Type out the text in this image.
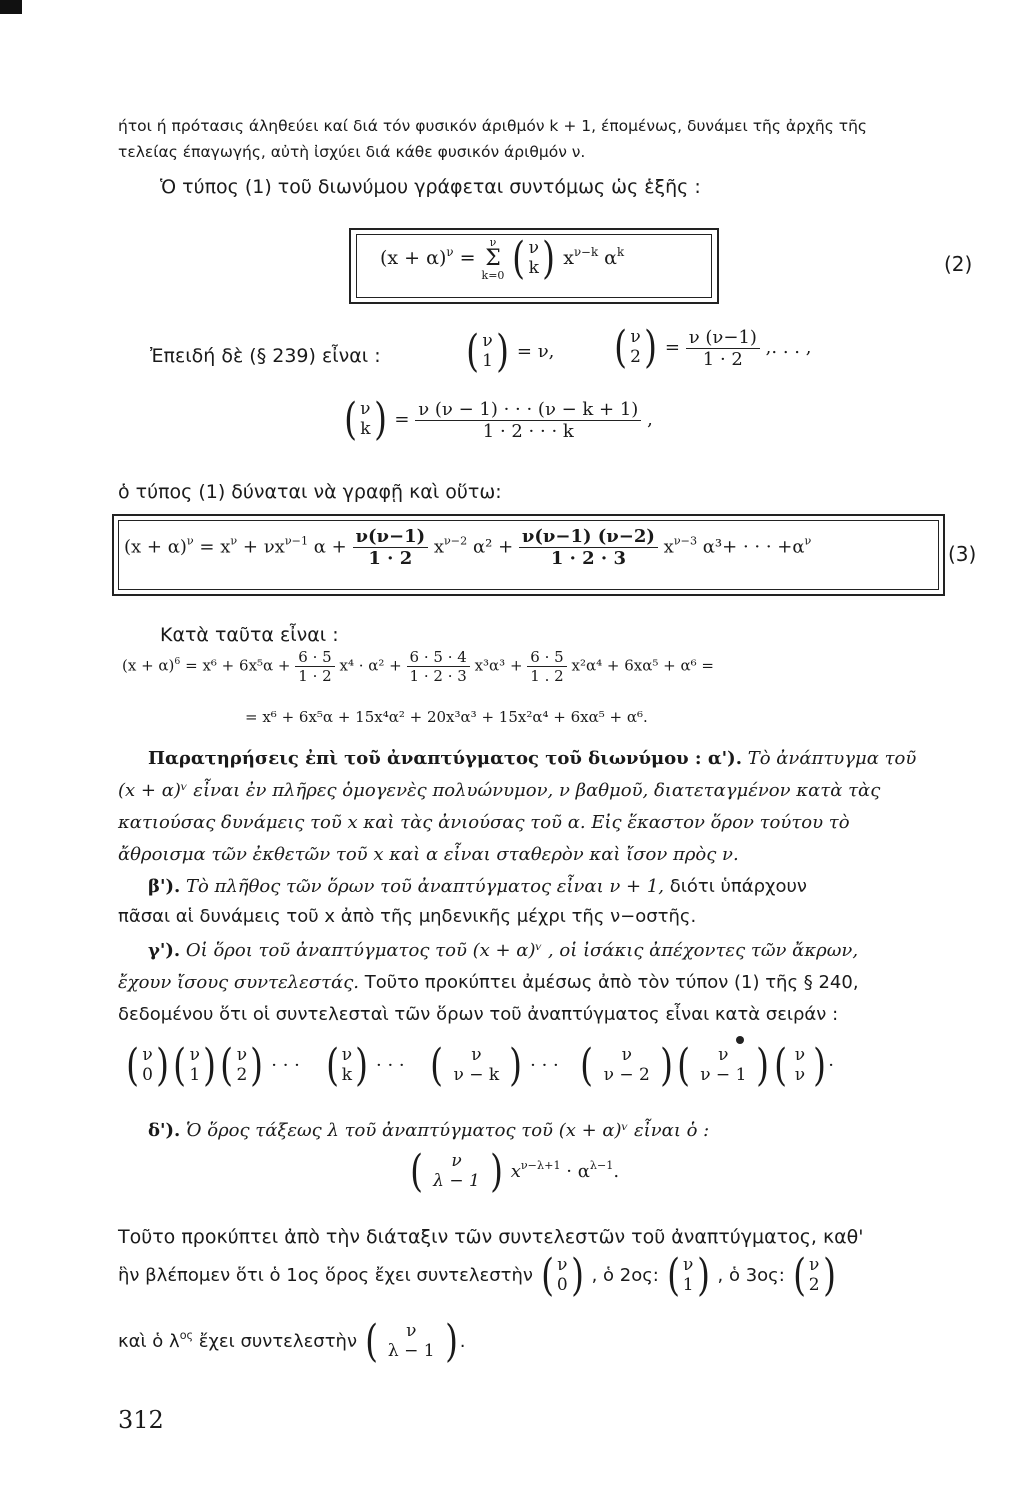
ήτοι ή πρότασις άληθεύει καί διά τόν φυσικόν άριθμόν k + 1, έπομένως, δυνάμει τῆς ἀρχῆς τῆς
τελείας έπαγωγής, αὐτὴ ἰσχύει διά κάθε φυσικόν άριθμόν ν.
Ὁ τύπος (1) τοῦ διωνύμου γράφεται συντόμως ὡς ἑξῆς :
$(x + \alpha)^\nu$ =
ν
Σ
k=0
( ν
k ) $x^{\nu-k}$ $\alpha^k$
(2)
Ἐπειδή δὲ (§ 239) εἶναι : ( ν
1 ) = ν, ( ν
2 ) = $\frac{\nu (\nu-1)}{1 \cdot 2}$ ,. . . ,
( ν
k ) = $\frac{\nu (\nu - 1) \cdot \cdot \cdot (\nu - k + 1)}{1 \cdot 2 \cdot \cdot \cdot k}$ ,
ὁ τύπος (1) δύναται νὰ γραφῇ καὶ οὕτω:
$(x + \alpha)^\nu = x^\nu + \nu x^{\nu-1}$ $\alpha + \frac{\nu(\nu-1)}{1 \cdot 2} x^{\nu-2}$ $\alpha^2 + \frac{\nu(\nu-1) (\nu-2)}{1 \cdot 2 \cdot 3} x^{\nu-3}$ α³+ · · · $+\alpha^\nu$
(3)
Κατὰ ταῦτα εἶναι :
$(x + \alpha)^6 = x^6 + 6x^5\alpha + \frac{6 \cdot 5}{1 \cdot 2} x^4 \cdot \alpha^2 + \frac{6 \cdot 5 \cdot 4}{1 \cdot 2 \cdot 3} x^3\alpha^3 + \frac{6 \cdot 5}{1 . 2} x^2\alpha^4 + 6x\alpha^5 + \alpha^6$ =
= x⁶ + 6x⁵α + 15x⁴α² + 20x³α³ + 15x²α⁴ + 6xα⁵ + α⁶.
Παρατηρήσεις ἐπὶ τοῦ ἀναπτύγματος τοῦ διωνύμου : α'). Τὸ ἀνάπτυγμα τοῦ
(x + α)ᵛ εἶναι ἐν πλῆρες ὁμογενὲς πολυώνυμον, ν βαθμοῦ, διατεταγμένον κατὰ τὰς
κατιούσας δυνάμεις τοῦ x καὶ τὰς ἀνιούσας τοῦ α. Εἰς ἕκαστον ὅρον τούτου τὸ
ἄθροισμα τῶν ἐκθετῶν τοῦ x καὶ α εἶναι σταθερὸν καὶ ἴσον πρὸς ν.
β'). Τὸ πλῆθος τῶν ὅρων τοῦ ἀναπτύγματος εἶναι ν + 1, διότι ὑπάρχουν
πᾶσαι αἱ δυνάμεις τοῦ x ἀπὸ τῆς μηδενικῆς μέχρι τῆς ν−οστῆς.
γ'). Οἱ ὅροι τοῦ ἀναπτύγματος τοῦ (x + α)ᵛ , οἱ ἰσάκις ἀπέχοντες τῶν ἄκρων,
ἔχουν ἴσους συντελεστάς. Τοῦτο προκύπτει ἀμέσως ἀπὸ τὸν τύπον (1) τῆς § 240,
δεδομένου ὅτι οἱ συντελεσταὶ τῶν ὅρων τοῦ ἀναπτύγματος εἶναι κατὰ σειράν :
( ν
0 ) ( ν
1 ) ( ν
2 ) · · · ( ν
k ) · · · ( ν
ν − k ) · · · ( ν
ν − 2 ) ( ν
ν − 1 ) ( ν
ν ) ·
δ'). Ὁ ὅρος τάξεως λ τοῦ ἀναπτύγματος τοῦ (x + α)ᵛ εἶναι ὁ :
( ν
λ − 1 ) $x^{\nu-\lambda+1} \cdot \alpha^{\lambda-1}$.
Τοῦτο προκύπτει ἀπὸ τὴν διάταξιν τῶν συντελεστῶν τοῦ ἀναπτύγματος, καθ'
ἣν βλέπομεν ὅτι ὁ 1ος ὅρος ἔχει συντελεστὴν ( ν
0 ) , ὁ 2ος: ( ν
1 ) , ὁ 3ος: ( ν
2 )
καὶ ὁ $\lambda^{o\varsigma}$ ἔχει συντελεστὴν ( ν
λ − 1 ) .
312
